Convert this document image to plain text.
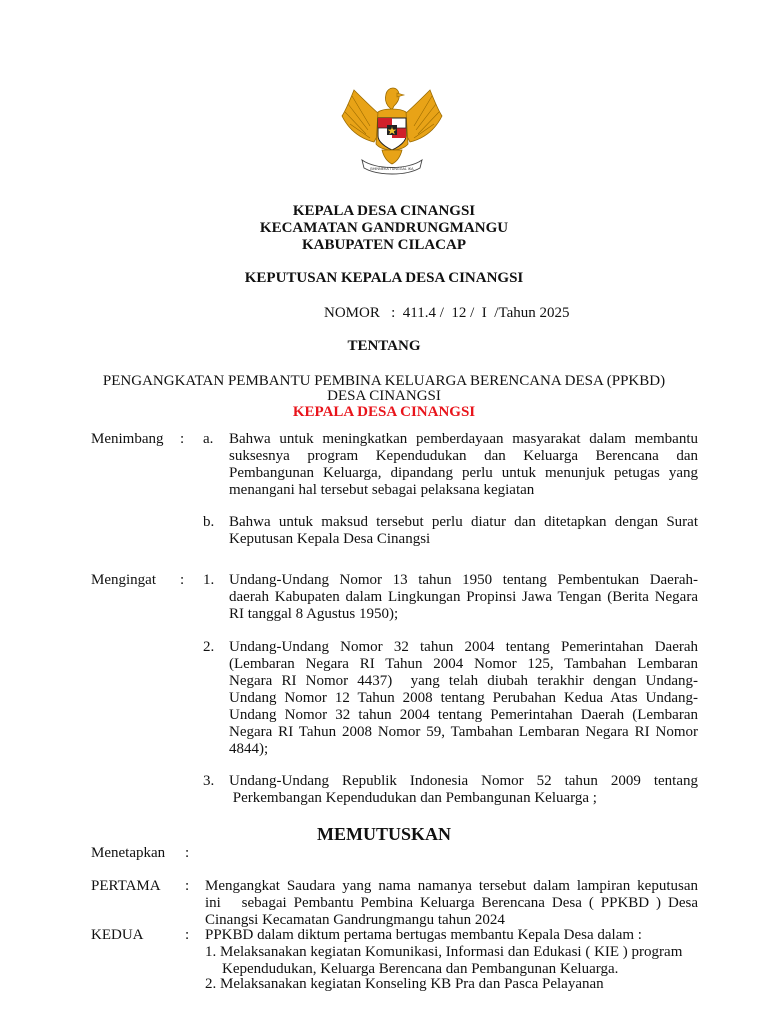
BHINNEKA TUNGGAL IKA
KEPALA DESA CINANGSI
KECAMATAN GANDRUNGMANGU
KABUPATEN CILACAP
KEPUTUSAN KEPALA DESA CINANGSI
NOMOR   :  411.4 /  12 /  I  /Tahun 2025
TENTANG
PENGANGKATAN PEMBANTU PEMBINA KELUARGA BERENCANA DESA (PPKBD)
DESA CINANGSI
KEPALA DESA CINANGSI
Menimbang : a. Bahwa untuk meningkatkan pemberdayaan masyarakat dalam membantu
suksesnya program Kependudukan dan Keluarga Berencana dan
Pembangunan Keluarga, dipandang perlu untuk menunjuk petugas yang
menangani hal tersebut sebagai pelaksana kegiatan
b. Bahwa untuk maksud tersebut perlu diatur dan ditetapkan dengan Surat
Keputusan Kepala Desa Cinangsi
Mengingat : 1. Undang-Undang Nomor 13 tahun 1950 tentang Pembentukan Daerah-
daerah Kabupaten dalam Lingkungan Propinsi Jawa Tengan (Berita Negara
RI tanggal 8 Agustus 1950);
2. Undang-Undang Nomor 32 tahun 2004 tentang Pemerintahan Daerah
(Lembaran Negara RI Tahun 2004 Nomor 125, Tambahan Lembaran
Negara RI Nomor 4437)  yang telah diubah terakhir dengan Undang-
Undang Nomor 12 Tahun 2008 tentang Perubahan Kedua Atas Undang-
Undang Nomor 32 tahun 2004 tentang Pemerintahan Daerah (Lembaran
Negara RI Tahun 2008 Nomor 59, Tambahan Lembaran Negara RI Nomor
4844);
3. Undang-Undang Republik Indonesia Nomor 52 tahun 2009 tentang
Perkembangan Kependudukan dan Pembangunan Keluarga ;
MEMUTUSKAN
Menetapkan :
PERTAMA : Mengangkat Saudara yang nama namanya tersebut dalam lampiran keputusan
ini   sebagai Pembantu Pembina Keluarga Berencana Desa ( PPKBD ) Desa
Cinangsi Kecamatan Gandrungmangu tahun 2024
KEDUA	: PPKBD dalam diktum pertama bertugas membantu Kepala Desa dalam :
1. Melaksanakan kegiatan Komunikasi, Informasi dan Edukasi ( KIE ) program
Kependudukan, Keluarga Berencana dan Pembangunan Keluarga.
2. Melaksanakan kegiatan Konseling KB Pra dan Pasca Pelayanan
